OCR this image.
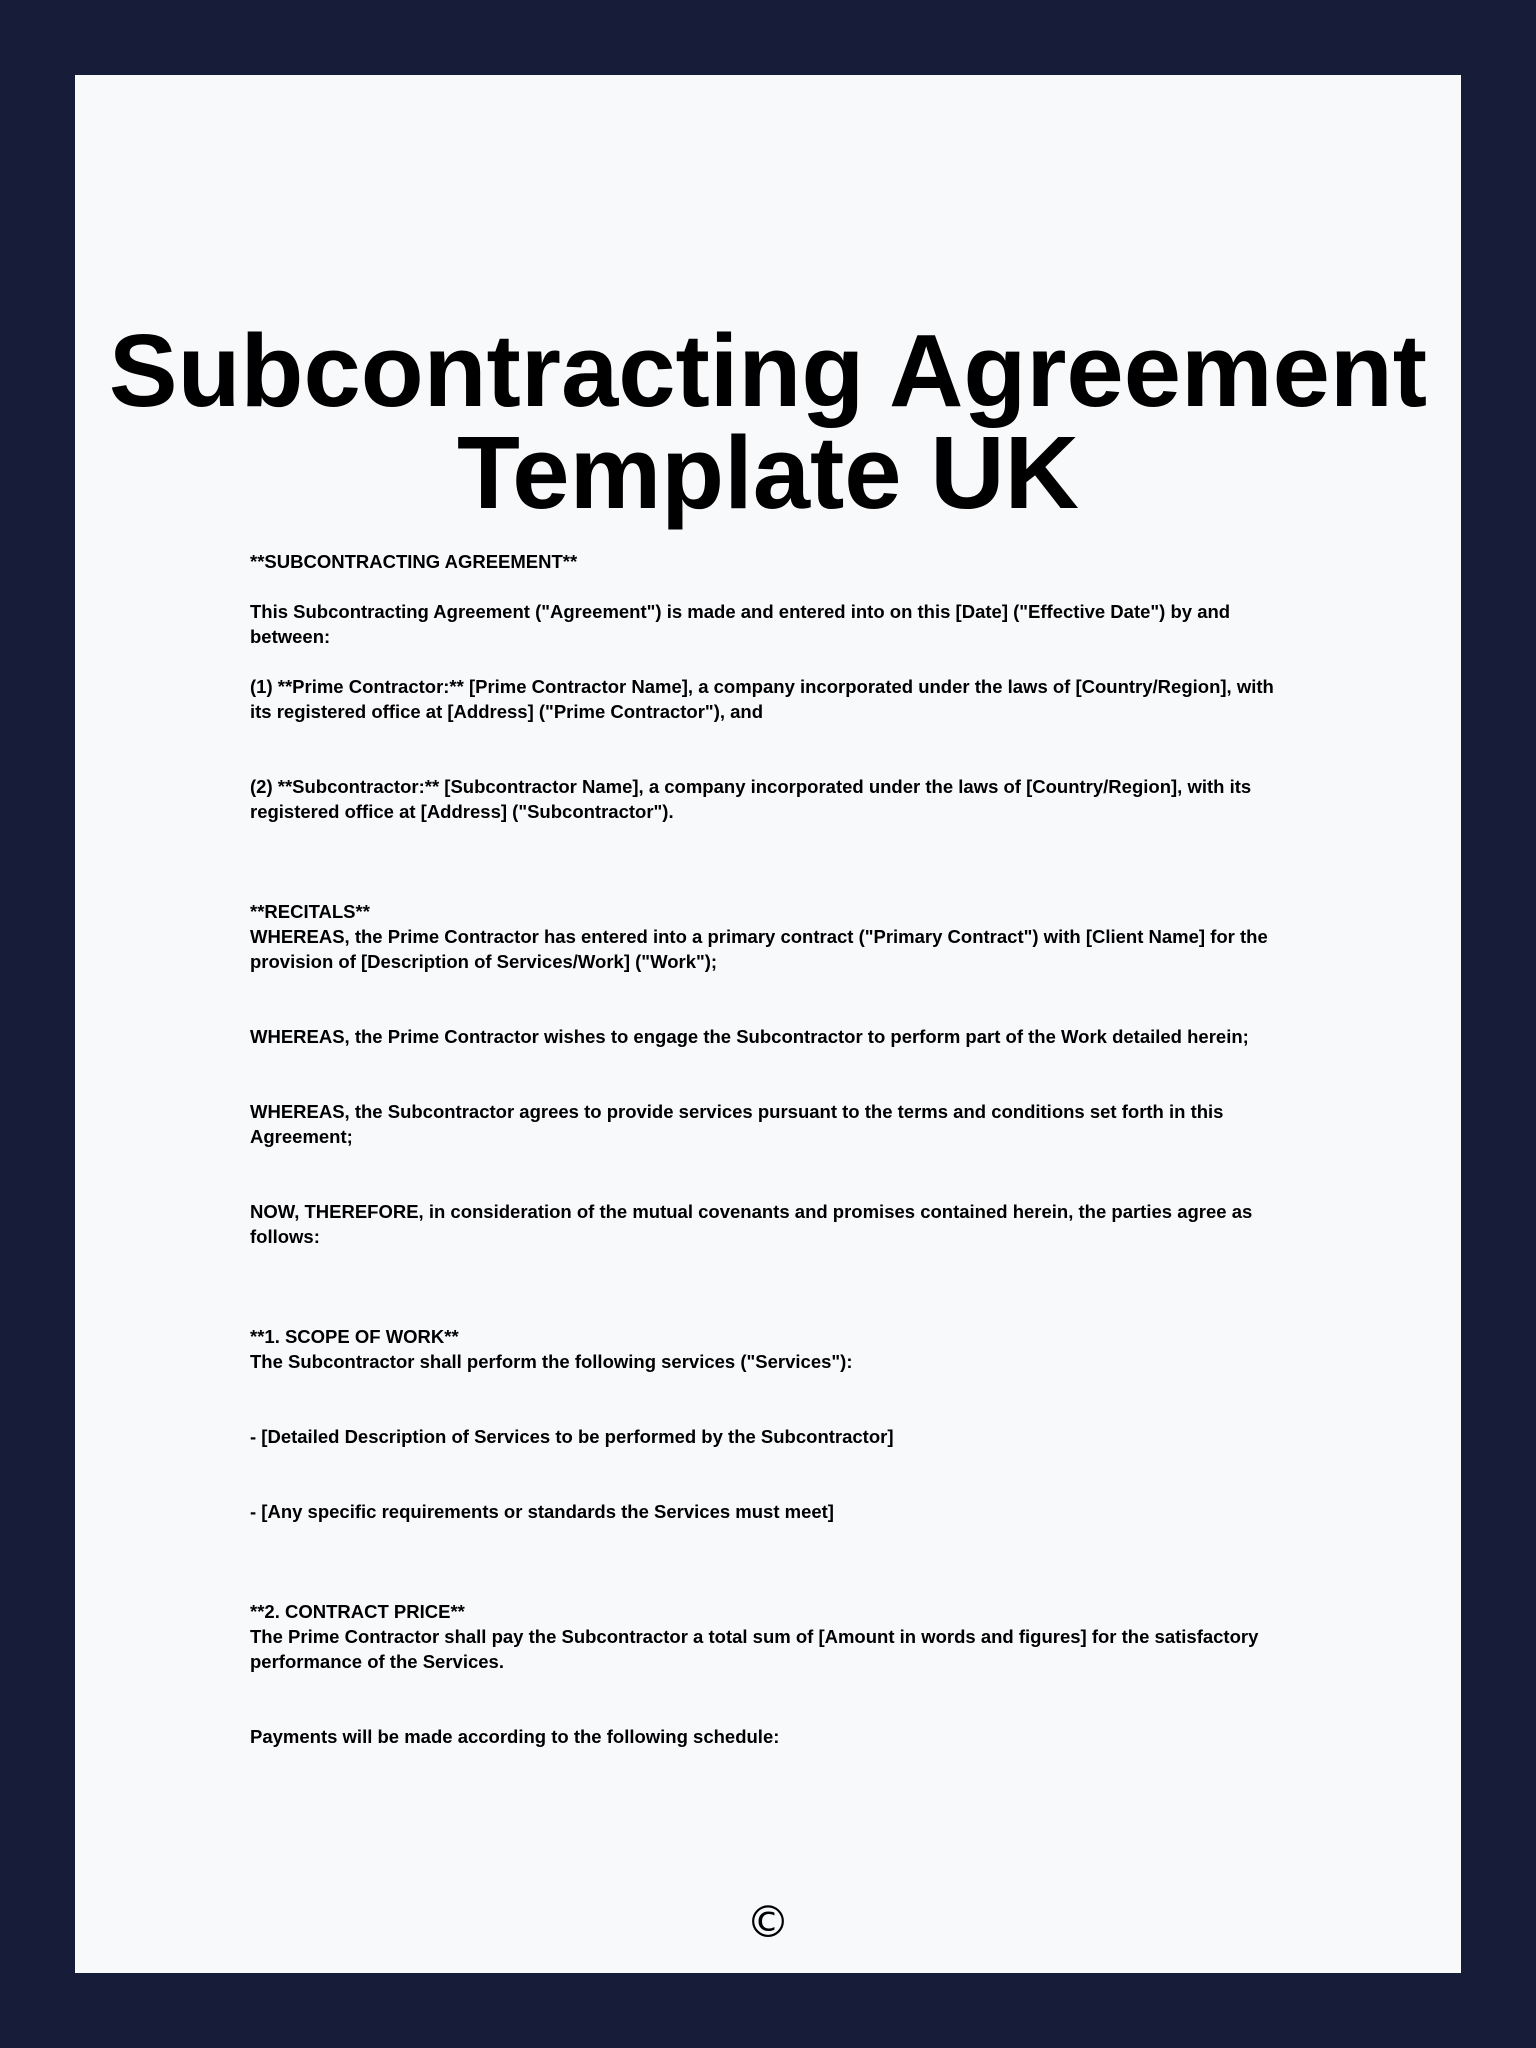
Subcontracting Agreement
Template UK

**SUBCONTRACTING AGREEMENT**

This Subcontracting Agreement ("Agreement") is made and entered into on this [Date] ("Effective Date") by and between:

(1) **Prime Contractor:** [Prime Contractor Name], a company incorporated under the laws of [Country/Region], with its registered office at [Address] ("Prime Contractor"), and

(2) **Subcontractor:** [Subcontractor Name], a company incorporated under the laws of [Country/Region], with its registered office at [Address] ("Subcontractor").

**RECITALS**

WHEREAS, the Prime Contractor has entered into a primary contract ("Primary Contract") with [Client Name] for the provision of [Description of Services/Work] ("Work");

WHEREAS, the Prime Contractor wishes to engage the Subcontractor to perform part of the Work detailed herein;

WHEREAS, the Subcontractor agrees to provide services pursuant to the terms and conditions set forth in this Agreement;

NOW, THEREFORE, in consideration of the mutual covenants and promises contained herein, the parties agree as follows:

**1. SCOPE OF WORK**

The Subcontractor shall perform the following services ("Services"):

- [Detailed Description of Services to be performed by the Subcontractor]

- [Any specific requirements or standards the Services must meet]

**2. CONTRACT PRICE**

The Prime Contractor shall pay the Subcontractor a total sum of [Amount in words and figures] for the satisfactory performance of the Services.

Payments will be made according to the following schedule:

©
